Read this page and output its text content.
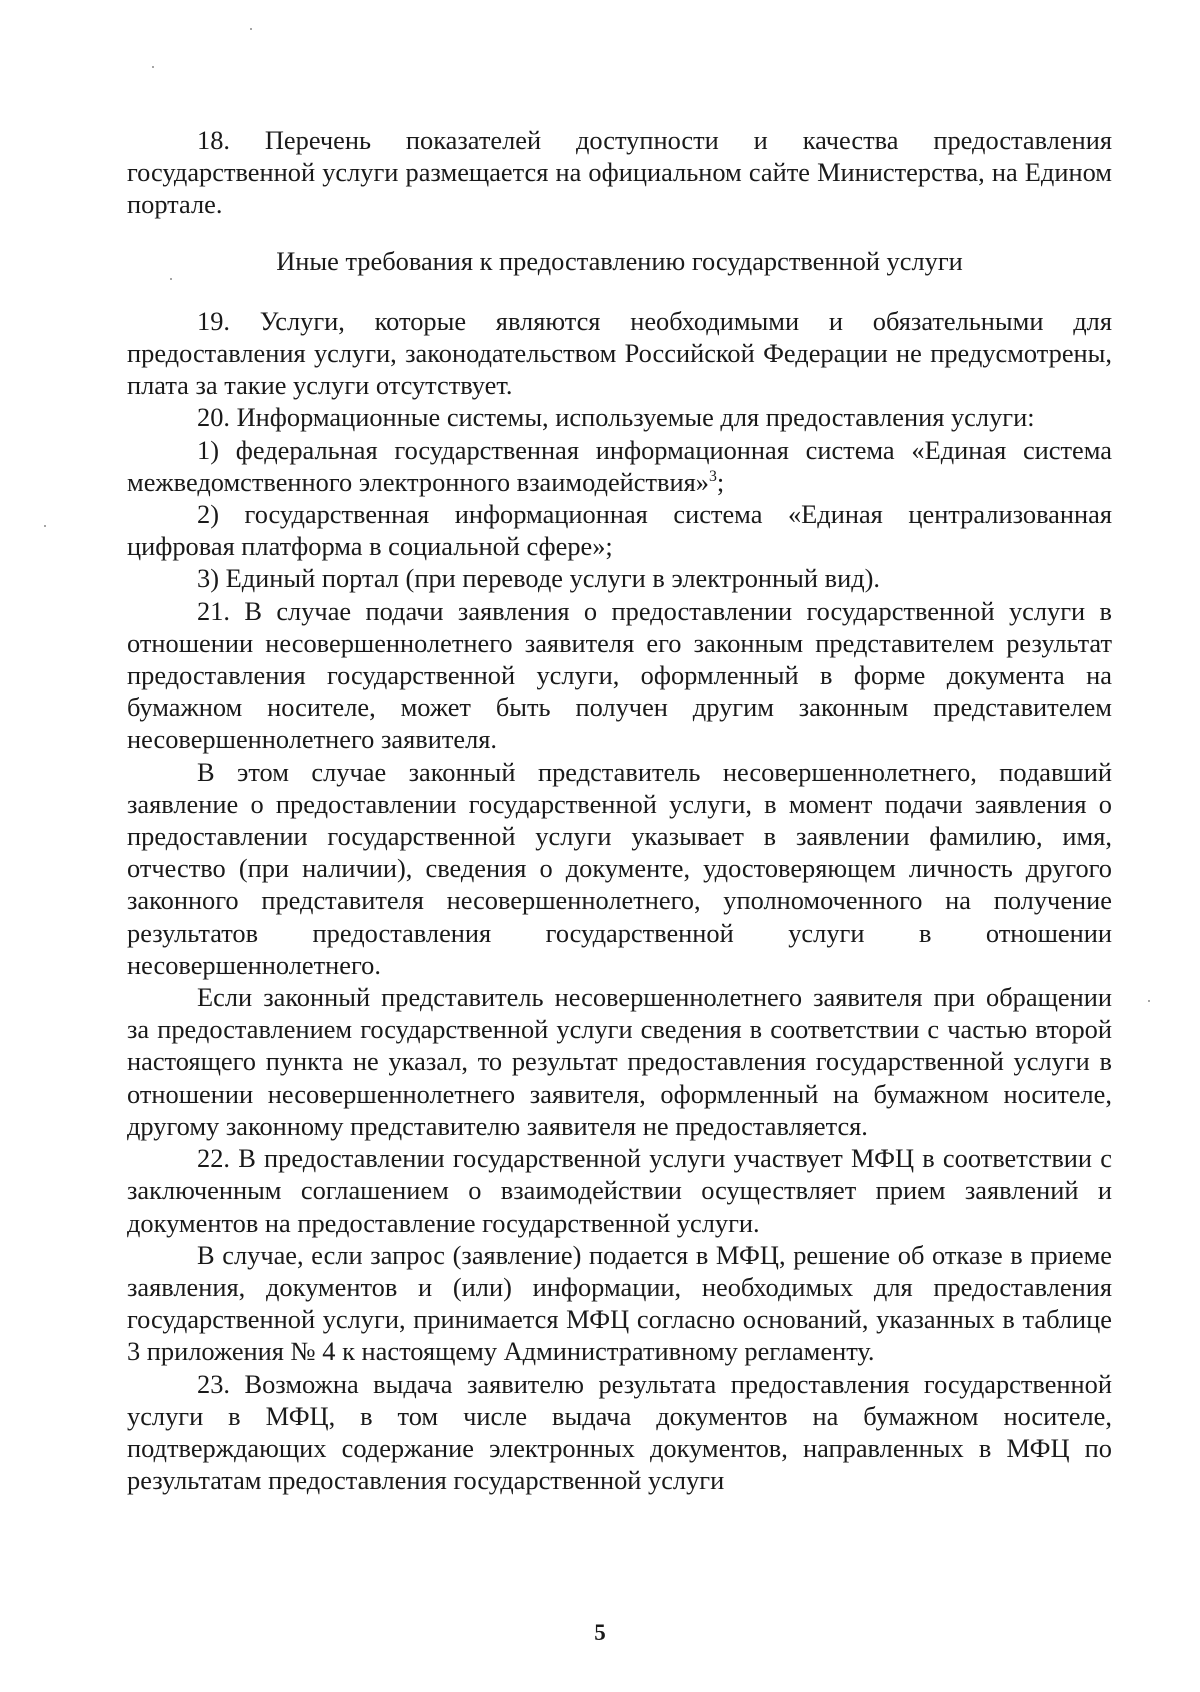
18. Перечень показателей доступности и качества предоставления государственной услуги размещается на официальном сайте Министерства, на Едином портале.

Иные требования к предоставлению государственной услуги

19. Услуги, которые являются необходимыми и обязательными для предоставления услуги, законодательством Российской Федерации не предусмотрены, плата за такие услуги отсутствует.

20. Информационные системы, используемые для предоставления услуги:

1) федеральная государственная информационная система «Единая система межведомственного электронного взаимодействия»$^3$;

2) государственная информационная система «Единая централизованная цифровая платформа в социальной сфере»;

3) Единый портал (при переводе услуги в электронный вид).

21. В случае подачи заявления о предоставлении государственной услуги в отношении несовершеннолетнего заявителя его законным представителем результат предоставления государственной услуги, оформленный в форме документа на бумажном носителе, может быть получен другим законным представителем несовершеннолетнего заявителя.

В этом случае законный представитель несовершеннолетнего, подавший заявление о предоставлении государственной услуги, в момент подачи заявления о предоставлении государственной услуги указывает в заявлении фамилию, имя, отчество (при наличии), сведения о документе, удостоверяющем личность другого законного представителя несовершеннолетнего, уполномоченного на получение результатов предоставления государственной услуги в отношении несовершеннолетнего.

Если законный представитель несовершеннолетнего заявителя при обращении за предоставлением государственной услуги сведения в соответствии с частью второй настоящего пункта не указал, то результат предоставления государственной услуги в отношении несовершеннолетнего заявителя, оформленный на бумажном носителе, другому законному представителю заявителя не предоставляется.

22. В предоставлении государственной услуги участвует МФЦ в соответствии с заключенным соглашением о взаимодействии осуществляет прием заявлений и документов на предоставление государственной услуги.

В случае, если запрос (заявление) подается в МФЦ, решение об отказе в приеме заявления, документов и (или) информации, необходимых для предоставления государственной услуги, принимается МФЦ согласно оснований, указанных в таблице 3 приложения № 4 к настоящему Административному регламенту.

23. Возможна выдача заявителю результата предоставления государственной услуги в МФЦ, в том числе выдача документов на бумажном носителе, подтверждающих содержание электронных документов, направленных в МФЦ по результатам предоставления государственной услуги

5
